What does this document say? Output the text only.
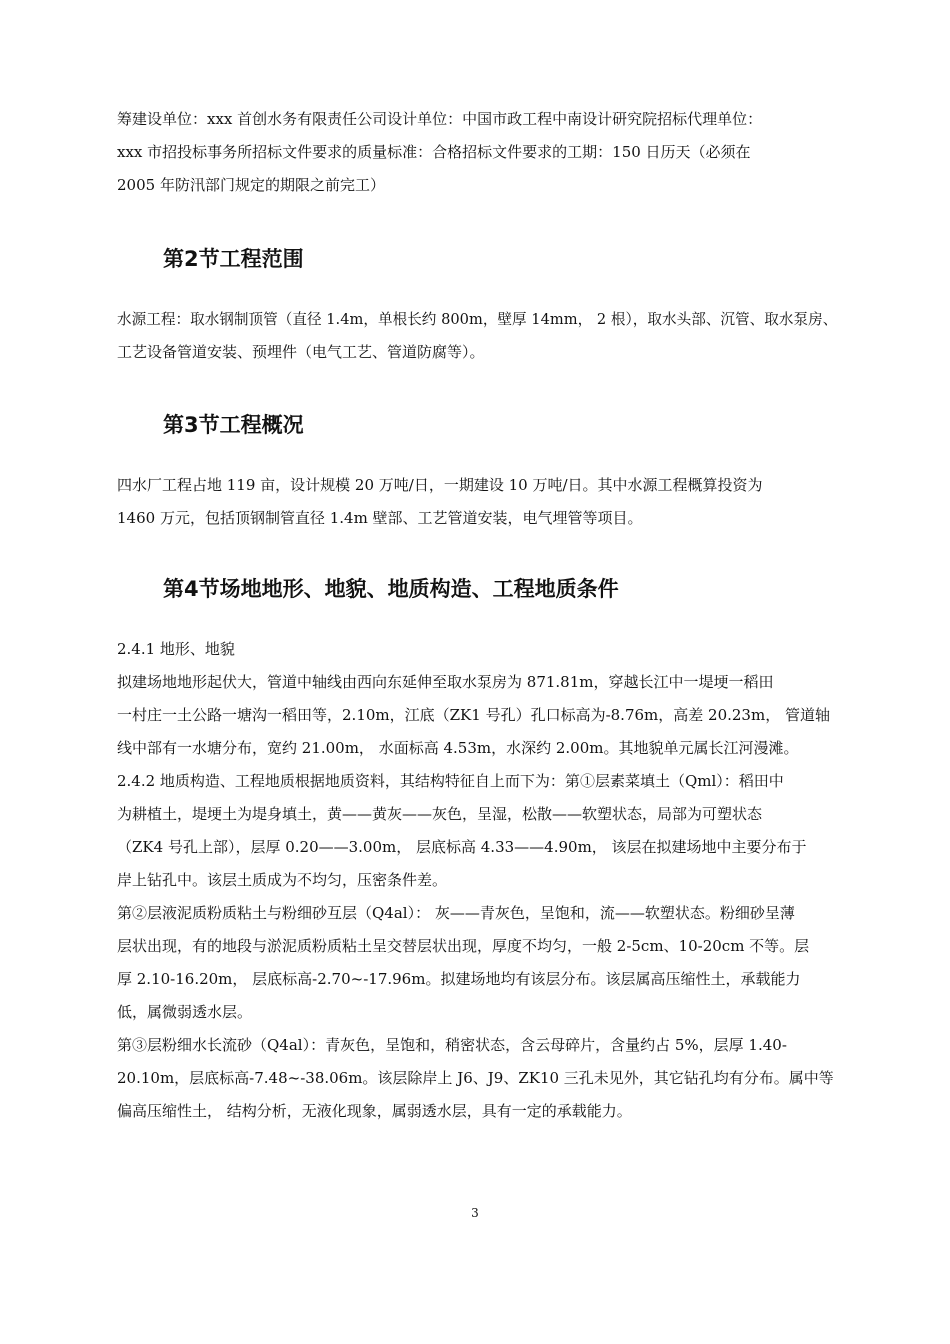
筹建设单位：xxx 首创水务有限责任公司设计单位：中国市政工程中南设计研究院招标代理单位：
xxx 市招投标事务所招标文件要求的质量标准：合格招标文件要求的工期：150 日历天（必须在
2005 年防汛部门规定的期限之前完工）
第2节工程范围
水源工程：取水钢制顶管（直径 1.4m，单根长约 800m，壁厚 14mm， 2 根），取水头部、沉管、取水泵房、
工艺设备管道安装、预埋件（电气工艺、管道防腐等）。
第3节工程概况
四水厂工程占地 119 亩，设计规模 20 万吨/日，一期建设 10 万吨/日。其中水源工程概算投资为
1460 万元，包括顶钢制管直径 1.4m 壁部、工艺管道安装，电气埋管等项目。
第4节场地地形、地貌、地质构造、工程地质条件
2.4.1 地形、地貌
拟建场地地形起伏大，管道中轴线由西向东延伸至取水泵房为 871.81m，穿越长江中一堤埂一稻田
一村庄一土公路一塘沟一稻田等，2.10m，江底（ZK1 号孔）孔口标高为-8.76m，高差 20.23m， 管道轴
线中部有一水塘分布，宽约 21.00m， 水面标高 4.53m，水深约 2.00m。其地貌单元属长江河漫滩。
2.4.2 地质构造、工程地质根据地质资料，其结构特征自上而下为：第①层素菜填土（Qml）：稻田中
为耕植土，堤埂土为堤身填土，黄——黄灰——灰色，呈湿，松散——软塑状态，局部为可塑状态
（ZK4 号孔上部），层厚 0.20——3.00m， 层底标高 4.33——4.90m， 该层在拟建场地中主要分布于
岸上钻孔中。该层土质成为不均匀，压密条件差。
第②层液泥质粉质粘土与粉细砂互层（Q4al）： 灰——青灰色，呈饱和，流——软塑状态。粉细砂呈薄
层状出现，有的地段与淤泥质粉质粘土呈交替层状出现，厚度不均匀，一般 2-5cm、10-20cm 不等。层
厚 2.10-16.20m， 层底标高-2.70~-17.96m。拟建场地均有该层分布。该层属高压缩性土，承载能力
低，属微弱透水层。
第③层粉细水长流砂（Q4al）：青灰色，呈饱和，稍密状态，含云母碎片，含量约占 5%，层厚 1.40-
20.10m，层底标高-7.48~-38.06m。该层除岸上 J6、J9、ZK10 三孔未见外，其它钻孔均有分布。属中等
偏高压缩性土， 结构分析，无液化现象，属弱透水层，具有一定的承载能力。
3
